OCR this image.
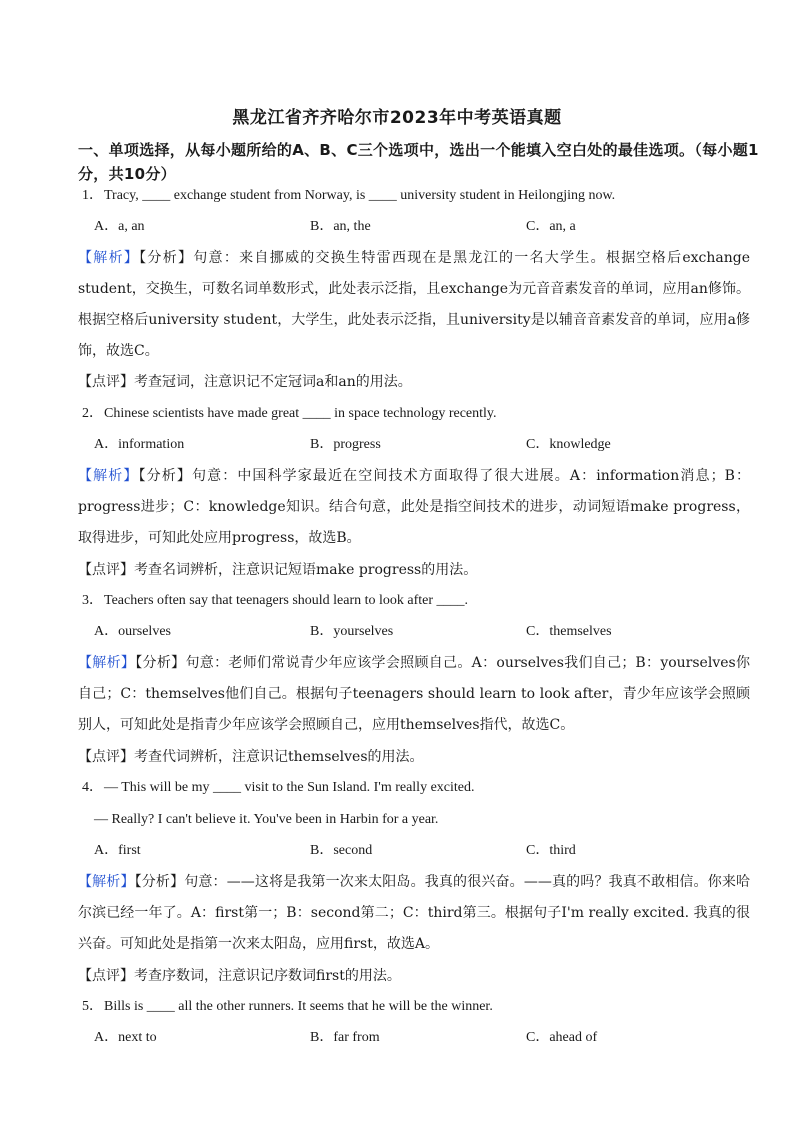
黑龙江省齐齐哈尔市2023年中考英语真题
一、单项选择，从每小题所给的A、B、C三个选项中，选出一个能填入空白处的最佳选项。（每小题1分，共10分）
1． Tracy, ____ exchange student from Norway, is ____ university student in Heilongjing now.
A．a, an	B．an, the	C．an, a
【解析】【分析】句意：来自挪威的交换生特雷西现在是黑龙江的一名大学生。根据空格后exchange student，交换生，可数名词单数形式，此处表示泛指，且exchange为元音音素发音的单词，应用an修饰。根据空格后university student，大学生，此处表示泛指，且university是以辅音音素发音的单词，应用a修饰，故选C。
【点评】考查冠词，注意识记不定冠词a和an的用法。
2． Chinese scientists have made great ____ in space technology recently.
A．information	B．progress	C．knowledge
【解析】【分析】句意：中国科学家最近在空间技术方面取得了很大进展。A：information消息；B：progress进步；C：knowledge知识。结合句意，此处是指空间技术的进步，动词短语make progress，取得进步，可知此处应用progress，故选B。
【点评】考查名词辨析，注意识记短语make progress的用法。
3． Teachers often say that teenagers should learn to look after ____.
A．ourselves	B．yourselves	C．themselves
【解析】【分析】句意：老师们常说青少年应该学会照顾自己。A：ourselves我们自己；B：yourselves你自己；C：themselves他们自己。根据句子teenagers should learn to look after，青少年应该学会照顾别人，可知此处是指青少年应该学会照顾自己，应用themselves指代，故选C。
【点评】考查代词辨析，注意识记themselves的用法。
4． — This will be my ____ visit to the Sun Island. I'm really excited.
— Really? I can't believe it. You've been in Harbin for a year.
A．first	B．second	C．third
【解析】【分析】句意：——这将是我第一次来太阳岛。我真的很兴奋。——真的吗？我真不敢相信。你来哈尔滨已经一年了。A：first第一；B：second第二；C：third第三。根据句子I'm really excited. 我真的很兴奋。可知此处是指第一次来太阳岛，应用first，故选A。
【点评】考查序数词，注意识记序数词first的用法。
5． Bills is ____ all the other runners. It seems that he will be the winner.
A．next to	B．far from	C．ahead of
